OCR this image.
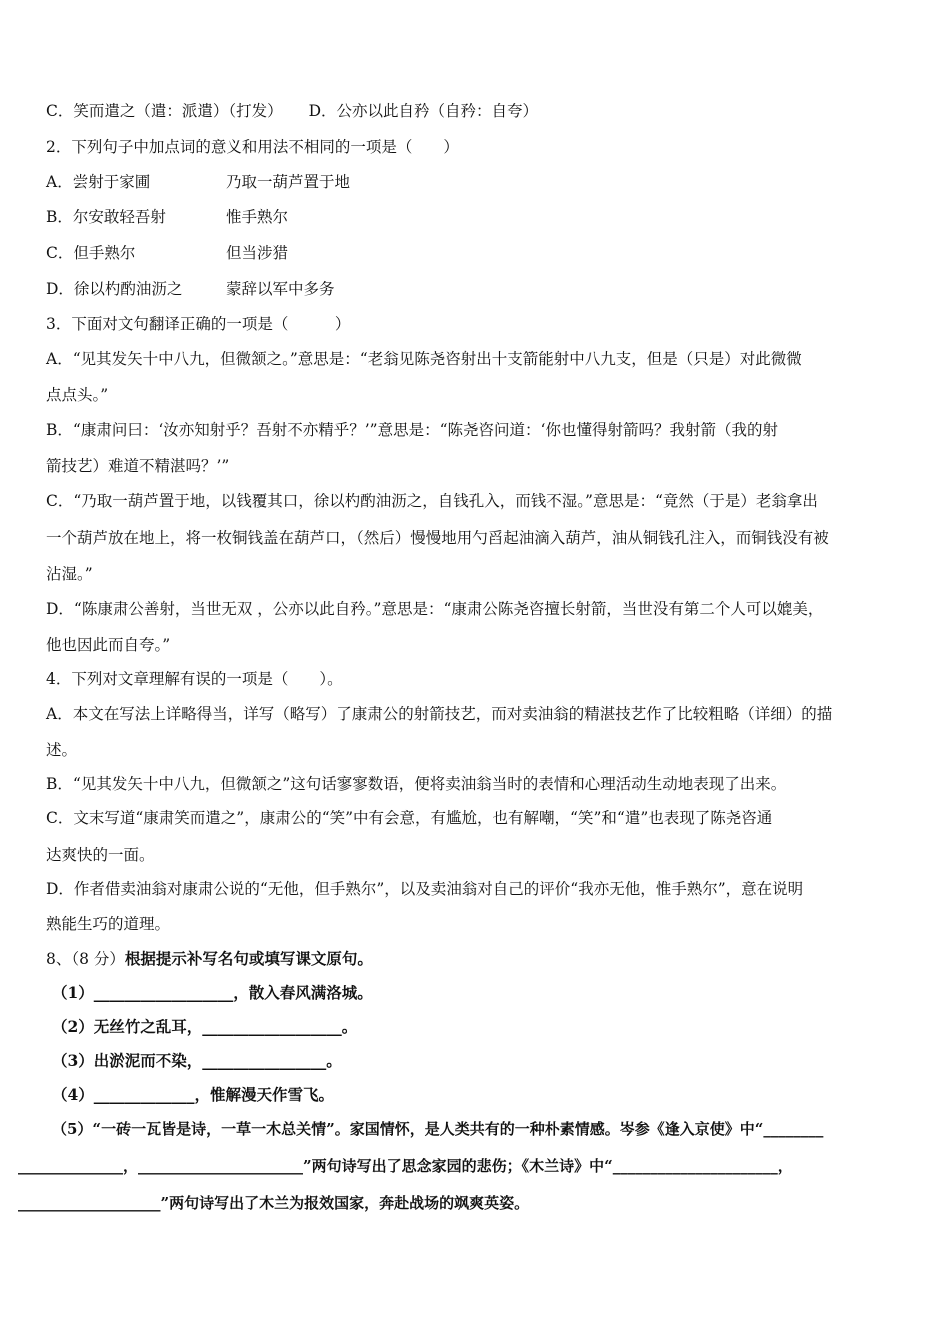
C．笑而遣之（遣：派遣）（打发） D．公亦以此自矜（自矜：自夸）
2．下列句子中加点词的意义和用法不相同的一项是（　　）
A．尝射于家圃	乃取一葫芦置于地
B．尔安敢轻吾射	惟手熟尔
C．但手熟尔	但当涉猎
D．徐以杓酌油沥之	蒙辞以军中多务
3．下面对文句翻译正确的一项是（　　　）
A．“见其发矢十中八九，但微颔之。”意思是：“老翁见陈尧咨射出十支箭能射中八九支，但是（只是）对此微微
点点头。”
B．“康肃问曰：‘汝亦知射乎？吾射不亦精乎？’”意思是：“陈尧咨问道：‘你也懂得射箭吗？我射箭（我的射
箭技艺）难道不精湛吗？’”
C．“乃取一葫芦置于地，以钱覆其口，徐以杓酌油沥之，自钱孔入，而钱不湿。”意思是：“竟然（于是）老翁拿出
一个葫芦放在地上，将一枚铜钱盖在葫芦口，（然后）慢慢地用勺舀起油滴入葫芦，油从铜钱孔注入，而铜钱没有被
沾湿。”
D．“陈康肃公善射，当世无双 ，公亦以此自矜。”意思是：“康肃公陈尧咨擅长射箭，当世没有第二个人可以媲美，
他也因此而自夸。”
4．下列对文章理解有误的一项是（　　）。
A．本文在写法上详略得当，详写（略写）了康肃公的射箭技艺，而对卖油翁的精湛技艺作了比较粗略（详细）的描
述。
B．“见其发矢十中八九，但微颔之”这句话寥寥数语，便将卖油翁当时的表情和心理活动生动地表现了出来。
C．文末写道“康肃笑而遣之”，康肃公的“笑”中有会意，有尴尬，也有解嘲，“笑”和“遣”也表现了陈尧咨通
达爽快的一面。
D．作者借卖油翁对康肃公说的“无他，但手熟尔”，以及卖油翁对自己的评价“我亦无他，惟手熟尔”，意在说明
熟能生巧的道理。
8、（8 分）根据提示补写名句或填写课文原句。
（1）__________________，散入春风满洛城。
（2）无丝竹之乱耳，__________________。
（3）出淤泥而不染，________________。
（4）_____________，惟解漫天作雪飞。
（5）“一砖一瓦皆是诗，一草一木总关情”。家国情怀，是人类共有的一种朴素情感。岑参《逢入京使》中“________
______________，______________________”两句诗写出了思念家园的悲伤；《木兰诗》中“______________________，
___________________”两句诗写出了木兰为报效国家，奔赴战场的飒爽英姿。
